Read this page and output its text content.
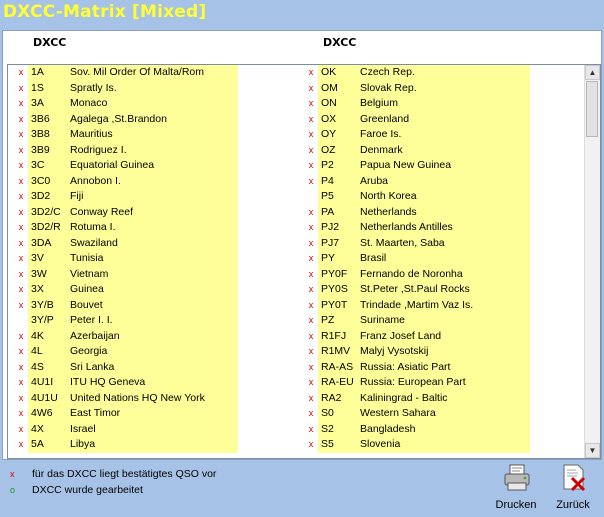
DXCC-Matrix [Mixed]
DXCC	DXCC
x 1A Sov. Mil Order Of Malta/Rom
x 1S Spratly Is.
x 3A Monaco
x 3B6 Agalega ,St.Brandon
x 3B8 Mauritius
x 3B9 Rodriguez I.
x 3C Equatorial Guinea
x 3C0 Annobon I.
x 3D2 Fiji
x 3D2/C Conway Reef
x 3D2/R Rotuma I.
x 3DA Swaziland
x 3V Tunisia
x 3W Vietnam
x 3X Guinea
x 3Y/B Bouvet
3Y/P Peter I. I.
x 4K Azerbaijan
x 4L	Georgia
x 4S Sri Lanka
x 4U1I ITU HQ Geneva
x 4U1U United Nations HQ New York
x 4W6 East Timor
x 4X Israel
x 5A Libya
x OK Czech Rep.
x OM Slovak Rep.
x ON Belgium
x OX Greenland
x OY Faroe Is.
x OZ Denmark
x P2 Papua New Guinea
x P4 Aruba
P5 North Korea
x PA Netherlands
x PJ2 Netherlands Antilles
x PJ7 St. Maarten, Saba
x PY Brasil
x PY0F Fernando de Noronha
x PY0S St.Peter ,St.Paul Rocks
x PY0T Trindade ,Martim Vaz Is.
x PZ Suriname
x R1FJ Franz Josef Land
x R1MV Malyj Vysotskij
x RA-AS Russia: Asiatic Part
x RA-EU Russia: European Part
x RA2 Kaliningrad - Baltic
x S0 Western Sahara
x S2 Bangladesh
x S5 Slovenia
▲
▼
x für das DXCC liegt bestätigtes QSO vor
o DXCC wurde gearbeitet
Drucken	Zurück
